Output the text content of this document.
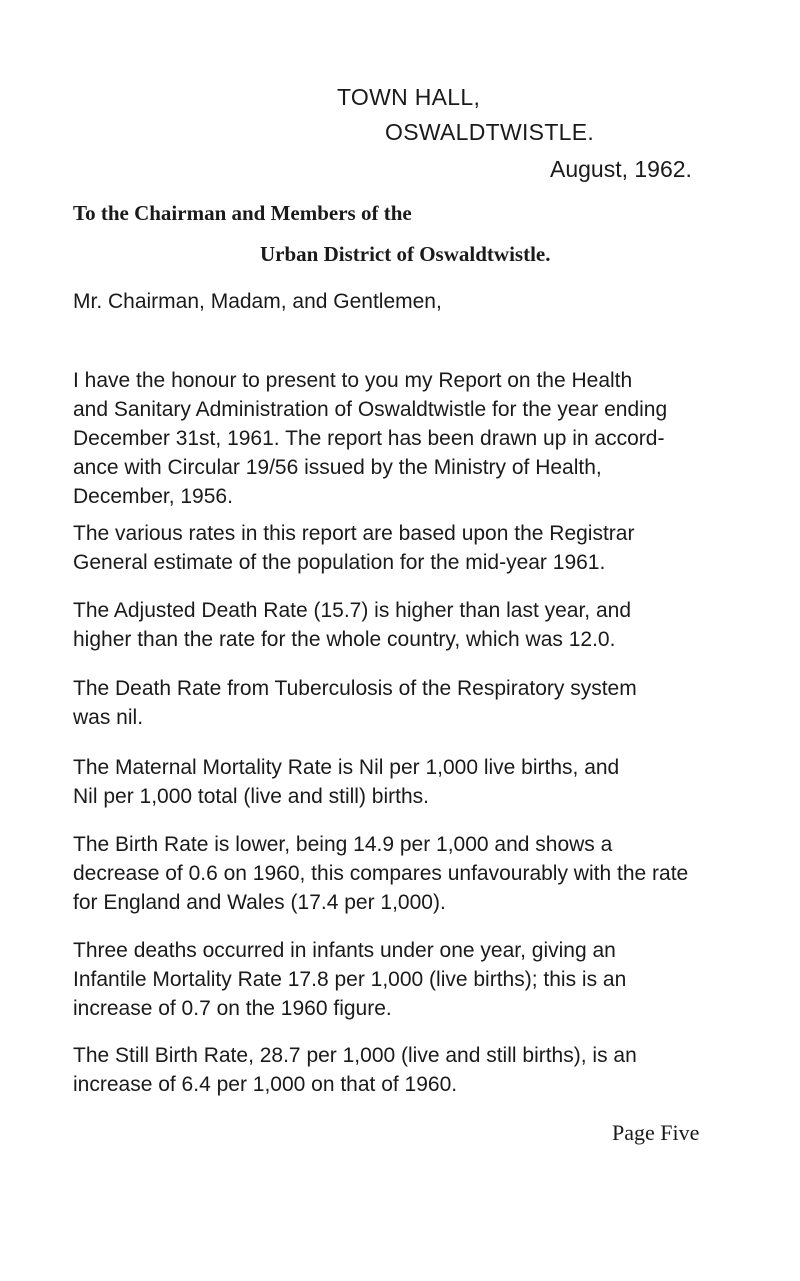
TOWN HALL,
OSWALDTWISTLE.
August, 1962.
To the Chairman and Members of the
Urban District of Oswaldtwistle.
Mr. Chairman, Madam, and Gentlemen,
I have the honour to present to you my Report on the Health
and Sanitary Administration of Oswaldtwistle for the year ending
December 31st, 1961. The report has been drawn up in accord-
ance with Circular 19/56 issued by the Ministry of Health,
December, 1956.
The various rates in this report are based upon the Registrar
General estimate of the population for the mid-year 1961.
The Adjusted Death Rate (15.7) is higher than last year, and
higher than the rate for the whole country, which was 12.0.
The Death Rate from Tuberculosis of the Respiratory system
was nil.
The Maternal Mortality Rate is Nil per 1,000 live births, and
Nil per 1,000 total (live and still) births.
The Birth Rate is lower, being 14.9 per 1,000 and shows a
decrease of 0.6 on 1960, this compares unfavourably with the rate
for England and Wales (17.4 per 1,000).
Three deaths occurred in infants under one year, giving an
Infantile Mortality Rate 17.8 per 1,000 (live births); this is an
increase of 0.7 on the 1960 figure.
The Still Birth Rate, 28.7 per 1,000 (live and still births), is an
increase of 6.4 per 1,000 on that of 1960.
Page Five
